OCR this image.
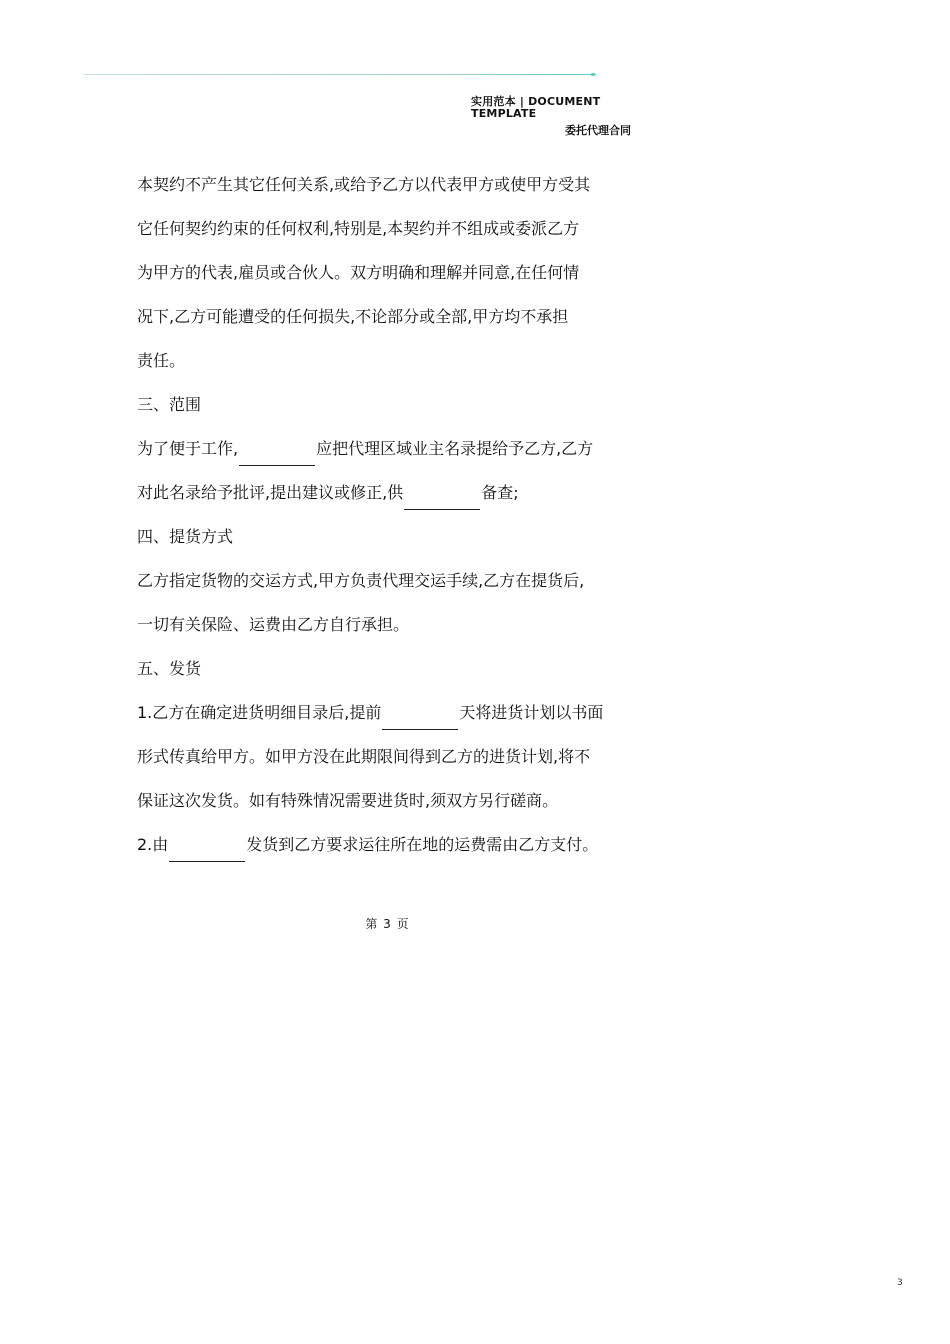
实用范本 | DOCUMENT TEMPLATE
委托代理合同
本契约不产生其它任何关系,或给予乙方以代表甲方或使甲方受其
它任何契约约束的任何权利,特别是,本契约并不组成或委派乙方
为甲方的代表,雇员或合伙人。双方明确和理解并同意,在任何情
况下,乙方可能遭受的任何损失,不论部分或全部,甲方均不承担
责任。
三、范围
为了便于工作,	应把代理区域业主名录提给予乙方,乙方
对此名录给予批评,提出建议或修正,供	备查;
四、提货方式
乙方指定货物的交运方式,甲方负责代理交运手续,乙方在提货后,
一切有关保险、运费由乙方自行承担。
五、发货
1.乙方在确定进货明细目录后,提前	天将进货计划以书面
形式传真给甲方。如甲方没在此期限间得到乙方的进货计划,将不
保证这次发货。如有特殊情况需要进货时,须双方另行磋商。
2.由	发货到乙方要求运往所在地的运费需由乙方支付。
第 3 页
3
